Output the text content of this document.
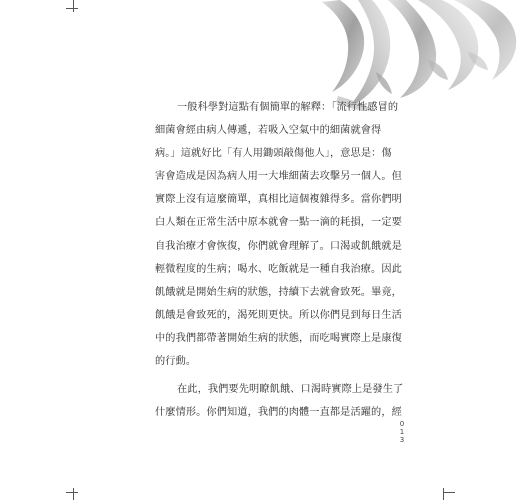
一般科學對這點有個簡單的解釋：「流行性感冒的
細菌會經由病人傳遞，若吸入空氣中的細菌就會得
病。」這就好比「有人用鋤頭敲傷他人」，意思是：傷
害會造成是因為病人用一大堆細菌去攻擊另一個人。但
實際上沒有這麼簡單，真相比這個複雜得多。當你們明
白人類在正常生活中原本就會一點一滴的耗損，一定要
自我治療才會恢復，你們就會理解了。口渴或飢餓就是
輕微程度的生病；喝水、吃飯就是一種自我治療。因此
飢餓就是開始生病的狀態，持續下去就會致死。畢竟，
飢餓是會致死的，渴死則更快。所以你們見到每日生活
中的我們都帶著開始生病的狀態，而吃喝實際上是康復
的行動。

在此，我們要先明瞭飢餓、口渴時實際上是發生了
什麼情形。你們知道，我們的肉體一直都是活躍的，經

013
